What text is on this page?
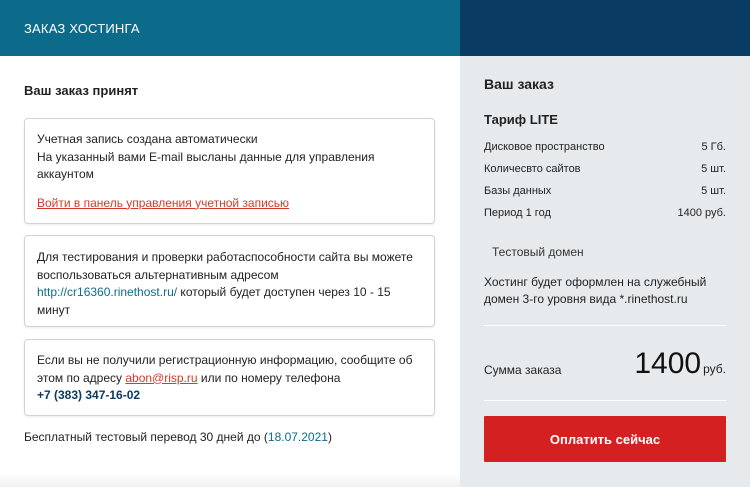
ЗАКАЗ ХОСТИНГА
Ваш заказ принят
Учетная запись создана автоматически
На указанный вами E-mail высланы данные для управления
аккаунтом
Войти в панель управления учетной записью
Для тестирования и проверки работаспособности сайта вы можете
воспользоваться альтернативным адресом
http://cr16360.rinethost.ru/ который будет доступен через 10 - 15
минут
Если вы не получили регистрационную информацию, сообщите об
этом по адресу abon@risp.ru или по номеру телефона
+7 (383) 347-16-02
Бесплатный тестовый перевод 30 дней до (18.07.2021)
Ваш заказ
Тариф LITE
Дисковое пространство	5 Гб.
Количесвто сайтов	5 шт.
Базы данных	5 шт.
Период 1 год	1400 руб.
Тестовый домен
Хостинг будет оформлен на служебный домен 3-го уровня вида *.rinethost.ru
Сумма заказа 1400 руб.
Оплатить сейчас
